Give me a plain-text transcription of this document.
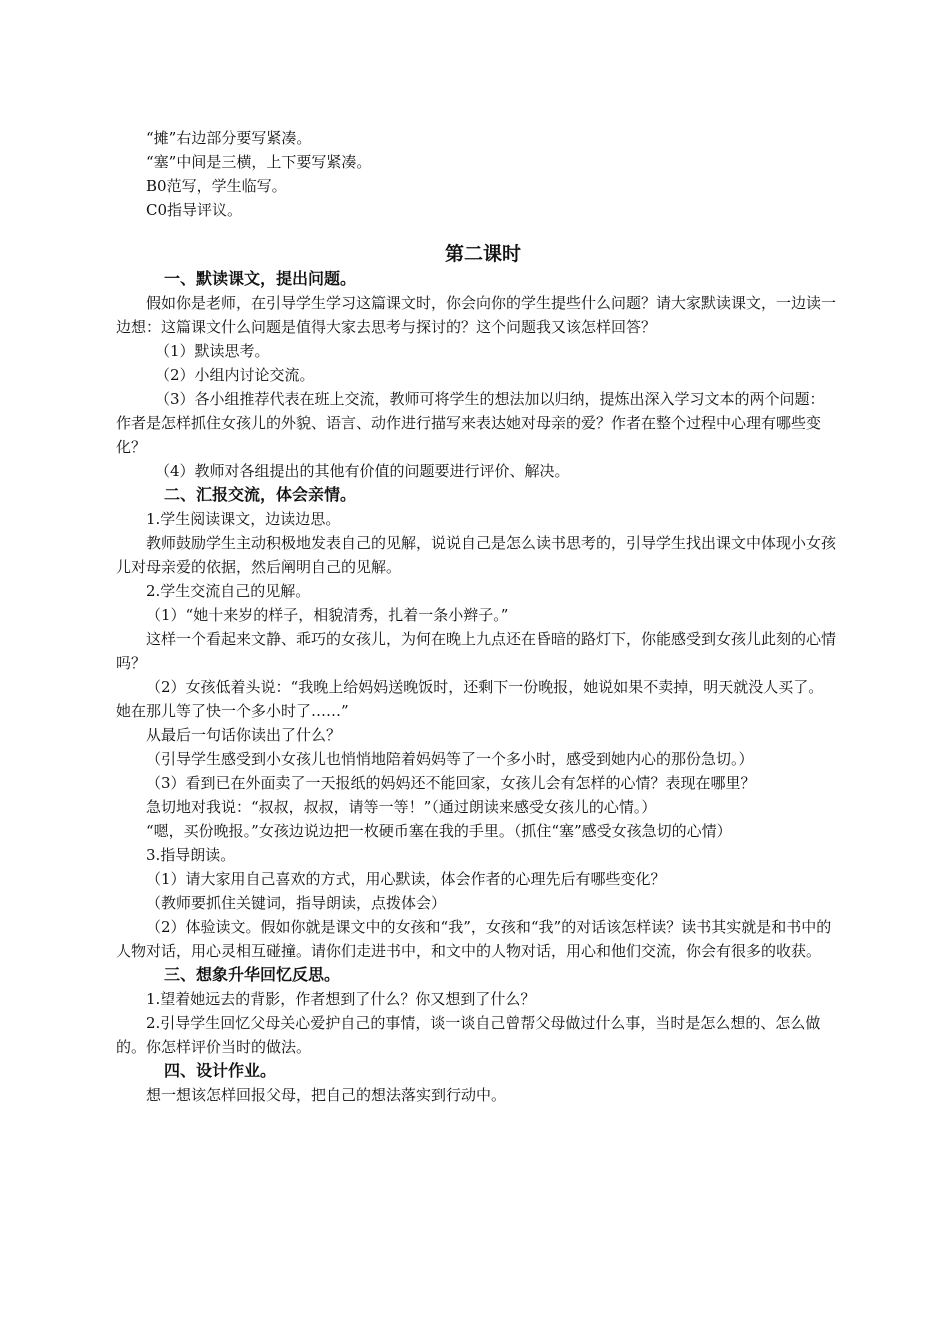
“摊”右边部分要写紧凑。

“塞”中间是三横，上下要写紧凑。

B0范写，学生临写。

C0指导评议。

第二课时

一、默读课文，提出问题。

假如你是老师，在引导学生学习这篇课文时，你会向你的学生提些什么问题？请大家默读课文，一边读一边想：这篇课文什么问题是值得大家去思考与探讨的？这个问题我又该怎样回答？

（1）默读思考。

（2）小组内讨论交流。

（3）各小组推荐代表在班上交流，教师可将学生的想法加以归纳，提炼出深入学习文本的两个问题：作者是怎样抓住女孩儿的外貌、语言、动作进行描写来表达她对母亲的爱？作者在整个过程中心理有哪些变化？

（4）教师对各组提出的其他有价值的问题要进行评价、解决。

二、汇报交流，体会亲情。

1.学生阅读课文，边读边思。

教师鼓励学生主动积极地发表自己的见解，说说自己是怎么读书思考的，引导学生找出课文中体现小女孩儿对母亲爱的依据，然后阐明自己的见解。

2.学生交流自己的见解。

（1）“她十来岁的样子，相貌清秀，扎着一条小辫子。”

这样一个看起来文静、乖巧的女孩儿，为何在晚上九点还在昏暗的路灯下，你能感受到女孩儿此刻的心情吗？

（2）女孩低着头说：“我晚上给妈妈送晚饭时，还剩下一份晚报，她说如果不卖掉，明天就没人买了。她在那儿等了快一个多小时了……”

从最后一句话你读出了什么？

（引导学生感受到小女孩儿也悄悄地陪着妈妈等了一个多小时，感受到她内心的那份急切。）

（3）看到已在外面卖了一天报纸的妈妈还不能回家，女孩儿会有怎样的心情？表现在哪里？

急切地对我说：“叔叔，叔叔，请等一等！”（通过朗读来感受女孩儿的心情。）

“嗯，买份晚报。”女孩边说边把一枚硬币塞在我的手里。（抓住“塞”感受女孩急切的心情）

3.指导朗读。

（1）请大家用自己喜欢的方式，用心默读，体会作者的心理先后有哪些变化？

（教师要抓住关键词，指导朗读，点拨体会）

（2）体验读文。假如你就是课文中的女孩和“我”，女孩和“我”的对话该怎样读？读书其实就是和书中的人物对话，用心灵相互碰撞。请你们走进书中，和文中的人物对话，用心和他们交流，你会有很多的收获。

三、想象升华回忆反思。

1.望着她远去的背影，作者想到了什么？你又想到了什么？

2.引导学生回忆父母关心爱护自己的事情，谈一谈自己曾帮父母做过什么事，当时是怎么想的、怎么做的。你怎样评价当时的做法。

四、设计作业。

想一想该怎样回报父母，把自己的想法落实到行动中。
